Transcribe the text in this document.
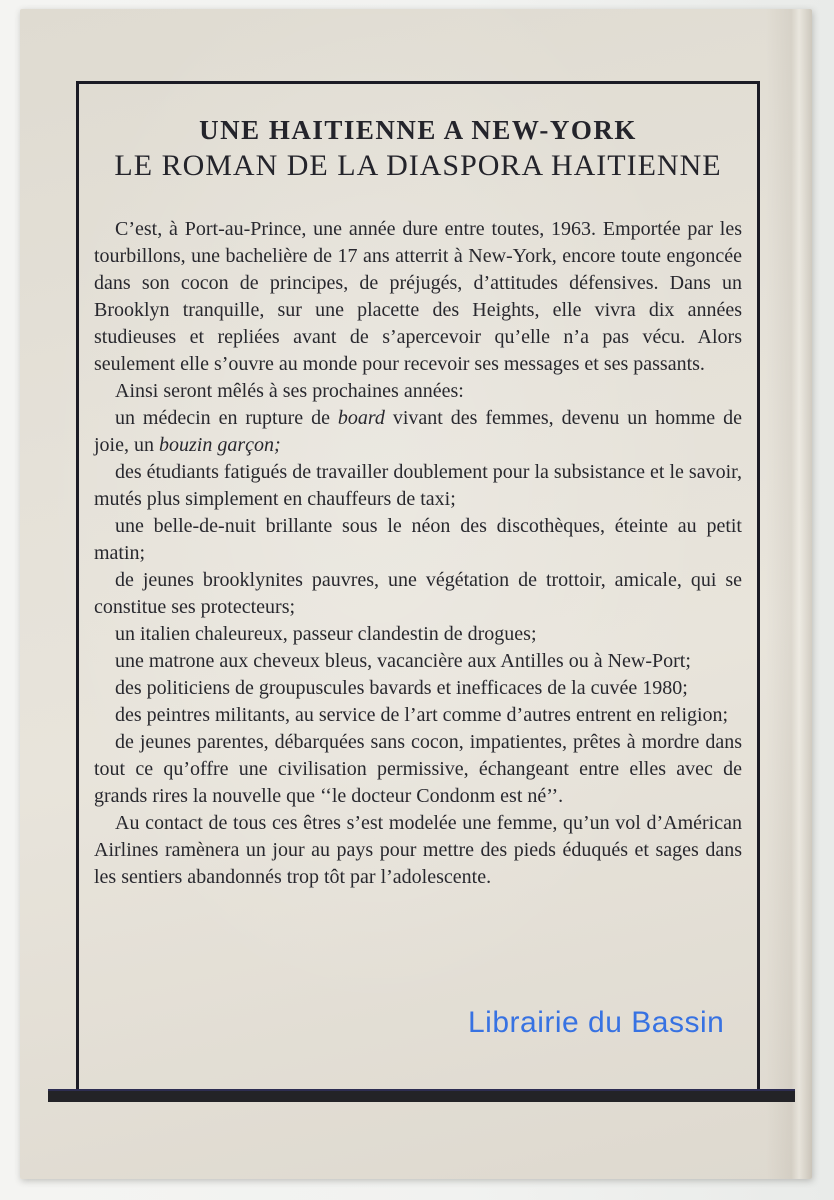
UNE HAITIENNE A NEW-YORK
LE ROMAN DE LA DIASPORA HAITIENNE

C’est, à Port-au-Prince, une année dure entre toutes, 1963. Emportée par les tourbillons, une bachelière de 17 ans atterrit à New-York, encore toute engoncée dans son cocon de principes, de préjugés, d’attitudes défensives. Dans un Brooklyn tranquille, sur une placette des Heights, elle vivra dix années studieuses et repliées avant de s’apercevoir qu’elle n’a pas vécu. Alors seulement elle s’ouvre au monde pour recevoir ses messages et ses passants.

Ainsi seront mêlés à ses prochaines années:

un médecin en rupture de board vivant des femmes, devenu un homme de joie, un bouzin garçon;

des étudiants fatigués de travailler doublement pour la subsistance et le savoir, mutés plus simplement en chauffeurs de taxi;

une belle-de-nuit brillante sous le néon des discothèques, éteinte au petit matin;

de jeunes brooklynites pauvres, une végétation de trottoir, amicale, qui se constitue ses protecteurs;

un italien chaleureux, passeur clandestin de drogues;

une matrone aux cheveux bleus, vacancière aux Antilles ou à New-Port;

des politiciens de groupuscules bavards et inefficaces de la cuvée 1980;

des peintres militants, au service de l’art comme d’autres entrent en religion;

de jeunes parentes, débarquées sans cocon, impatientes, prêtes à mordre dans tout ce qu’offre une civilisation permissive, échangeant entre elles avec de grands rires la nouvelle que ‘‘le docteur Condonm est né’’.

Au contact de tous ces êtres s’est modelée une femme, qu’un vol d’Américan Airlines ramènera un jour au pays pour mettre des pieds éduqués et sages dans les sentiers abandonnés trop tôt par l’adolescente.

Librairie du Bassin
